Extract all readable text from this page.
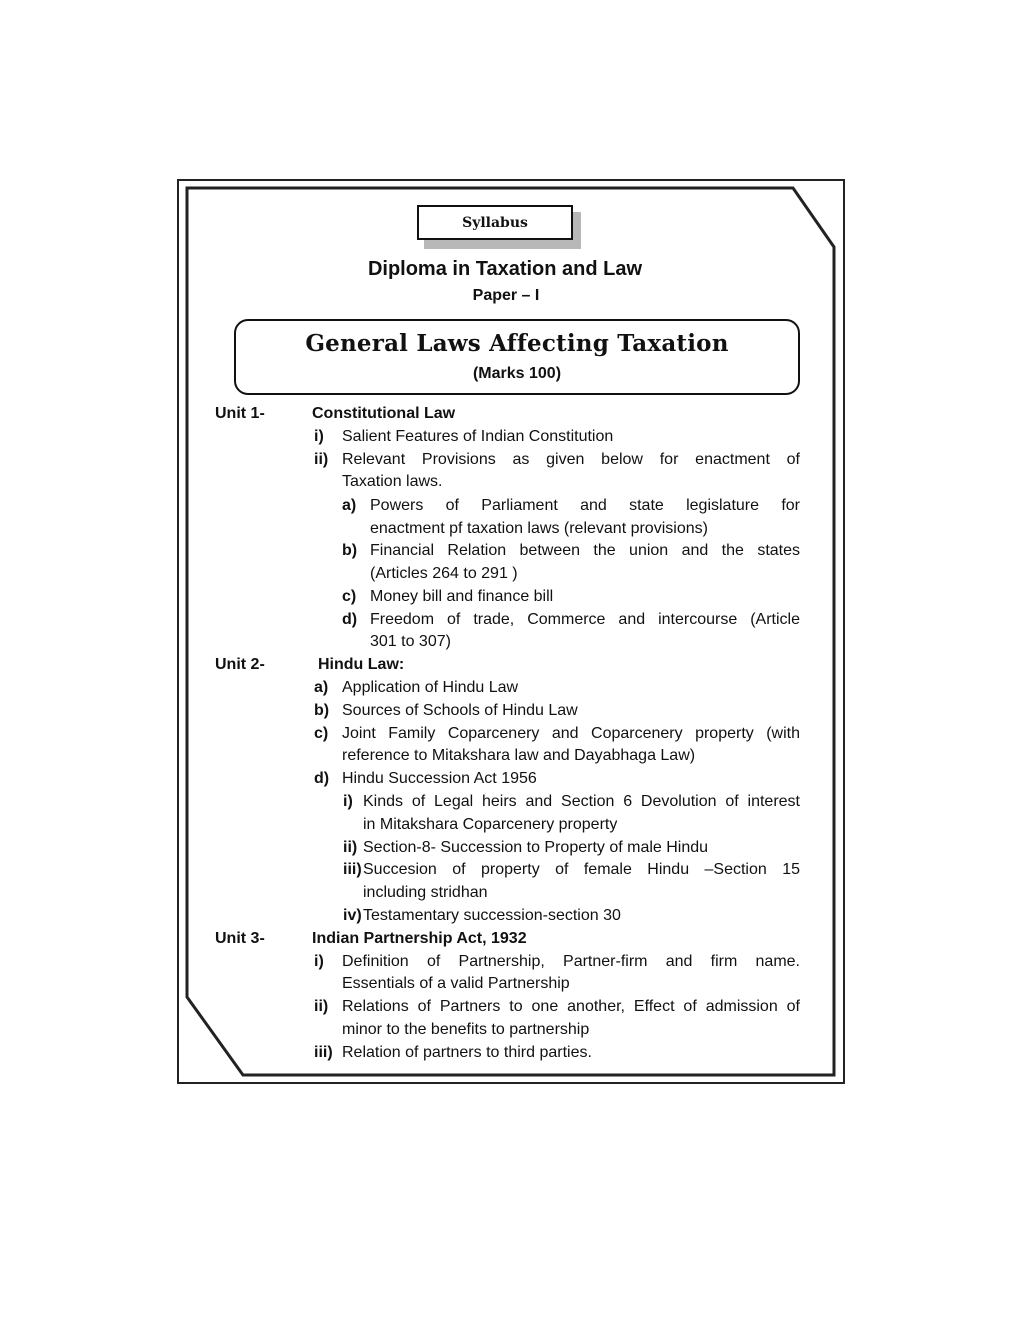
Syllabus
Diploma in Taxation and Law
Paper – I
General Laws Affecting Taxation
(Marks 100)
Unit 1-	Constitutional Law
i) Salient Features of Indian Constitution
ii) Relevant Provisions as given below for enactment of
Taxation laws.
a) Powers of Parliament and state legislature for
enactment pf taxation laws (relevant provisions)
b) Financial Relation between the union and the states
(Articles 264 to 291 )
c) Money bill and finance bill
d) Freedom of trade, Commerce and intercourse (Article
301 to 307)
Unit 2-	Hindu Law:
a) Application of Hindu Law
b) Sources of Schools of Hindu Law
c) Joint Family Coparcenery and Coparcenery property (with
reference to Mitakshara law and Dayabhaga Law)
d) Hindu Succession Act 1956
i) Kinds of Legal heirs and Section 6 Devolution of interest
in Mitakshara Coparcenery property
ii) Section-8- Succession to Property of male Hindu
iii) Succesion of property of female Hindu –Section 15
including stridhan
iv) Testamentary succession-section 30
Unit 3-	Indian Partnership Act, 1932
i) Definition of Partnership, Partner-firm and firm name.
Essentials of a valid Partnership
ii) Relations of Partners to one another, Effect of admission of
minor to the benefits to partnership
iii) Relation of partners to third parties.
